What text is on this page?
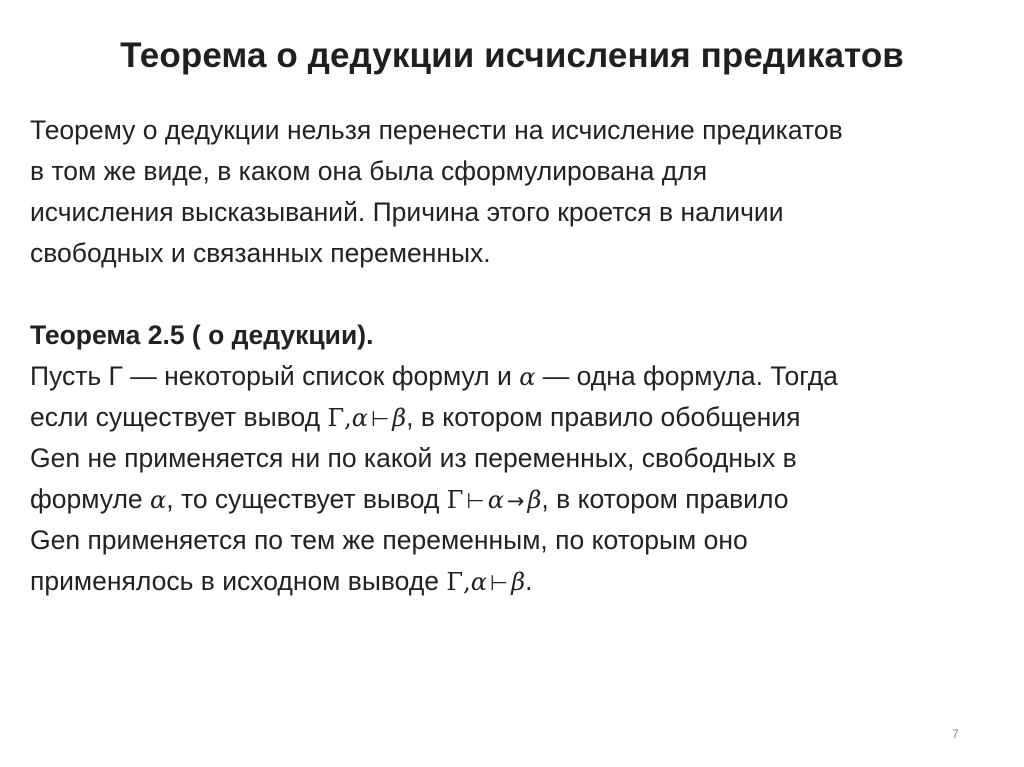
Теорема о дедукции исчисления предикатов
Теорему о дедукции нельзя перенести на исчисление предикатов
в том же виде, в каком она была сформулирована для
исчисления высказываний. Причина этого кроется в наличии
свободных и связанных переменных.
Теорема 2.5 ( о дедукции).
Пусть Г — некоторый список формул и α — одна формула. Тогда
если существует вывод Γ,α ⊢ β, в котором правило обобщения
Gen не применяется ни по какой из переменных, свободных в
формуле α, то существует вывод Γ ⊢ α → β, в котором правило
Gen применяется по тем же переменным, по которым оно
применялось в исходном выводе Γ,α ⊢ β.
7
